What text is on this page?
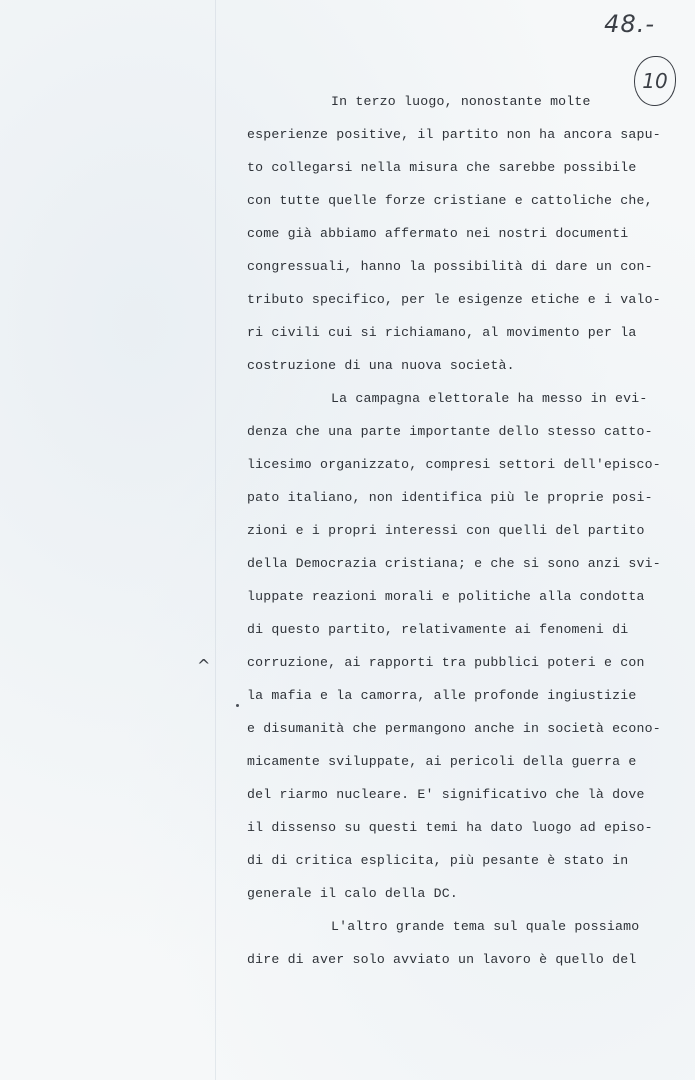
48.-
10
^
In terzo luogo, nonostante molte
esperienze positive, il partito non ha ancora sapu-
to collegarsi nella misura che sarebbe possibile
con tutte quelle forze cristiane e cattoliche che,
come già abbiamo affermato nei nostri documenti
congressuali, hanno la possibilità di dare un con-
tributo specifico, per le esigenze etiche e i valo-
ri civili cui si richiamano, al movimento per la
costruzione di una nuova società.
La campagna elettorale ha messo in evi-
denza che una parte importante dello stesso catto-
licesimo organizzato, compresi settori dell'episco-
pato italiano, non identifica più le proprie posi-
zioni e i propri interessi con quelli del partito
della Democrazia cristiana; e che si sono anzi svi-
luppate reazioni morali e politiche alla condotta
di questo partito, relativamente ai fenomeni di
corruzione, ai rapporti tra pubblici poteri e con
la mafia e la camorra, alle profonde ingiustizie
e disumanità che permangono anche in società econo-
micamente sviluppate, ai pericoli della guerra e
del riarmo nucleare. E' significativo che là dove
il dissenso su questi temi ha dato luogo ad episo-
di di critica esplicita, più pesante è stato in
generale il calo della DC.
L'altro grande tema sul quale possiamo
dire di aver solo avviato un lavoro è quello del
